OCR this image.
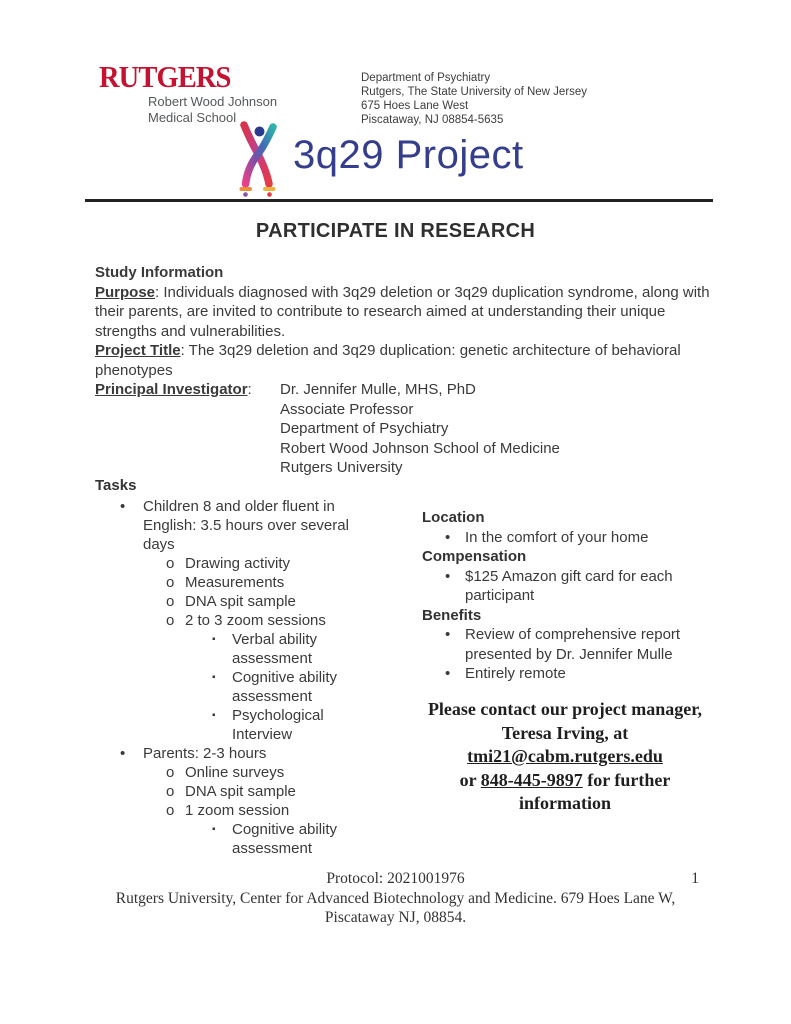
RUTGERS
Robert Wood Johnson
Medical School
Department of Psychiatry
Rutgers, The State University of New Jersey
675 Hoes Lane West
Piscataway, NJ 08854-5635
3q29 Project
PARTICIPATE IN RESEARCH
Study Information
Purpose: Individuals diagnosed with 3q29 deletion or 3q29 duplication syndrome, along with their parents, are invited to contribute to research aimed at understanding their unique strengths and vulnerabilities.
Project Title: The 3q29 deletion and 3q29 duplication: genetic architecture of behavioral phenotypes
Principal Investigator:	Dr. Jennifer Mulle, MHS, PhD
Associate Professor
Department of Psychiatry
Robert Wood Johnson School of Medicine
Rutgers University
Tasks
•	Children 8 and older fluent in English: 3.5 hours over several days
o Drawing activity
o Measurements
o DNA spit sample
o 2 to 3 zoom sessions
▪	Verbal ability assessment
▪	Cognitive ability assessment
▪	Psychological Interview
•	Parents: 2-3 hours
o Online surveys
o DNA spit sample
o 1 zoom session
▪	Cognitive ability assessment
Location
• In the comfort of your home
Compensation
• $125 Amazon gift card for each participant
Benefits
• Review of comprehensive report presented by Dr. Jennifer Mulle
• Entirely remote
Please contact our project manager,
Teresa Irving, at
tmi21@cabm.rutgers.edu
or 848-445-9897 for further
information
Protocol: 2021001976	1
Rutgers University, Center for Advanced Biotechnology and Medicine. 679 Hoes Lane W,
Piscataway NJ, 08854.
